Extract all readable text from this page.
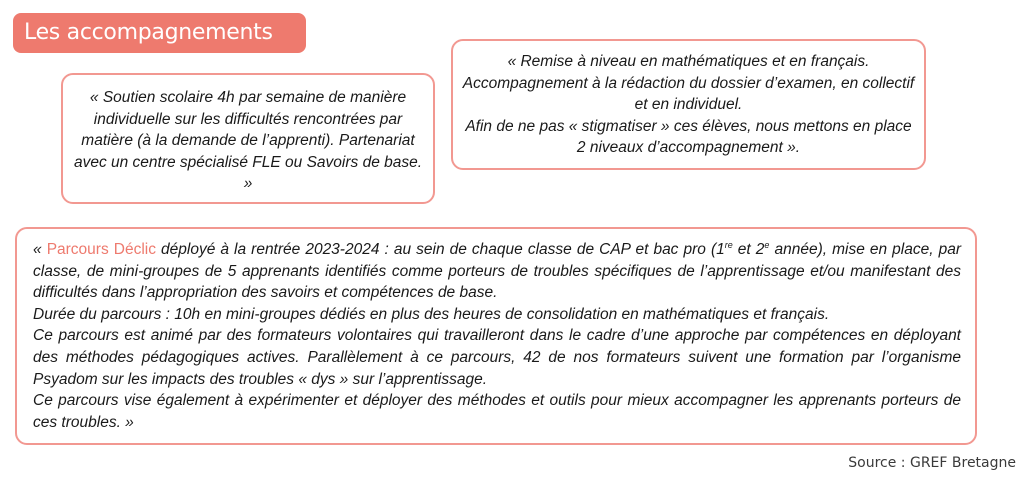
Les accompagnements

« Soutien scolaire 4h par semaine de manière individuelle sur les difficultés rencontrées par matière (à la demande de l’apprenti). Partenariat avec un centre spécialisé FLE ou Savoirs de base. »

« Remise à niveau en mathématiques et en français.

Accompagnement à la rédaction du dossier d’examen, en collectif et en individuel.

Afin de ne pas « stigmatiser » ces élèves, nous mettons en place 2 niveaux d’accompagnement ».

« Parcours Déclic déployé à la rentrée 2023-2024 : au sein de chaque classe de CAP et bac pro (1re et 2e année), mise en place, par classe, de mini-groupes de 5 apprenants identifiés comme porteurs de troubles spécifiques de l’apprentissage et/ou manifestant des difficultés dans l’appropriation des savoirs et compétences de base.

Durée du parcours : 10h en mini-groupes dédiés en plus des heures de consolidation en mathématiques et français.

Ce parcours est animé par des formateurs volontaires qui travailleront dans le cadre d’une approche par compétences en déployant des méthodes pédagogiques actives. Parallèlement à ce parcours, 42 de nos formateurs suivent une formation par l’organisme Psyadom sur les impacts des troubles « dys » sur l’apprentissage.

Ce parcours vise également à expérimenter et déployer des méthodes et outils pour mieux accompagner les apprenants porteurs de ces troubles. »

Source : GREF Bretagne
